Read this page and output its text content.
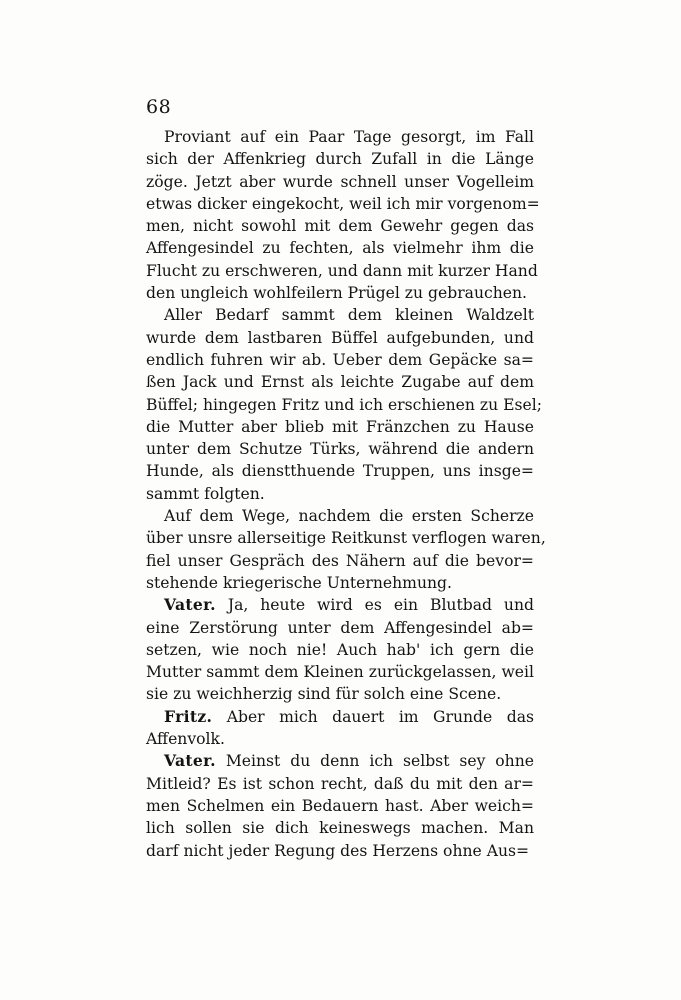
68
Proviant auf ein Paar Tage gesorgt, im Fall
sich der Affenkrieg durch Zufall in die Länge
zöge. Jetzt aber wurde schnell unser Vogelleim
etwas dicker eingekocht, weil ich mir vorgenom=
men, nicht sowohl mit dem Gewehr gegen das
Affengesindel zu fechten, als vielmehr ihm die
Flucht zu erschweren, und dann mit kurzer Hand
den ungleich wohlfeilern Prügel zu gebrauchen.
Aller Bedarf sammt dem kleinen Waldzelt
wurde dem lastbaren Büffel aufgebunden, und
endlich fuhren wir ab. Ueber dem Gepäcke sa=
ßen Jack und Ernst als leichte Zugabe auf dem
Büffel; hingegen Fritz und ich erschienen zu Esel;
die Mutter aber blieb mit Fränzchen zu Hause
unter dem Schutze Türks, während die andern
Hunde, als dienstthuende Truppen, uns insge=
sammt folgten.
Auf dem Wege, nachdem die ersten Scherze
über unsre allerseitige Reitkunst verflogen waren,
fiel unser Gespräch des Nähern auf die bevor=
stehende kriegerische Unternehmung.
Vater. Ja, heute wird es ein Blutbad und
eine Zerstörung unter dem Affengesindel ab=
setzen, wie noch nie! Auch hab' ich gern die
Mutter sammt dem Kleinen zurückgelassen, weil
sie zu weichherzig sind für solch eine Scene.
Fritz. Aber mich dauert im Grunde das
Affenvolk.
Vater. Meinst du denn ich selbst sey ohne
Mitleid? Es ist schon recht, daß du mit den ar=
men Schelmen ein Bedauern hast. Aber weich=
lich sollen sie dich keineswegs machen. Man
darf nicht jeder Regung des Herzens ohne Aus=
